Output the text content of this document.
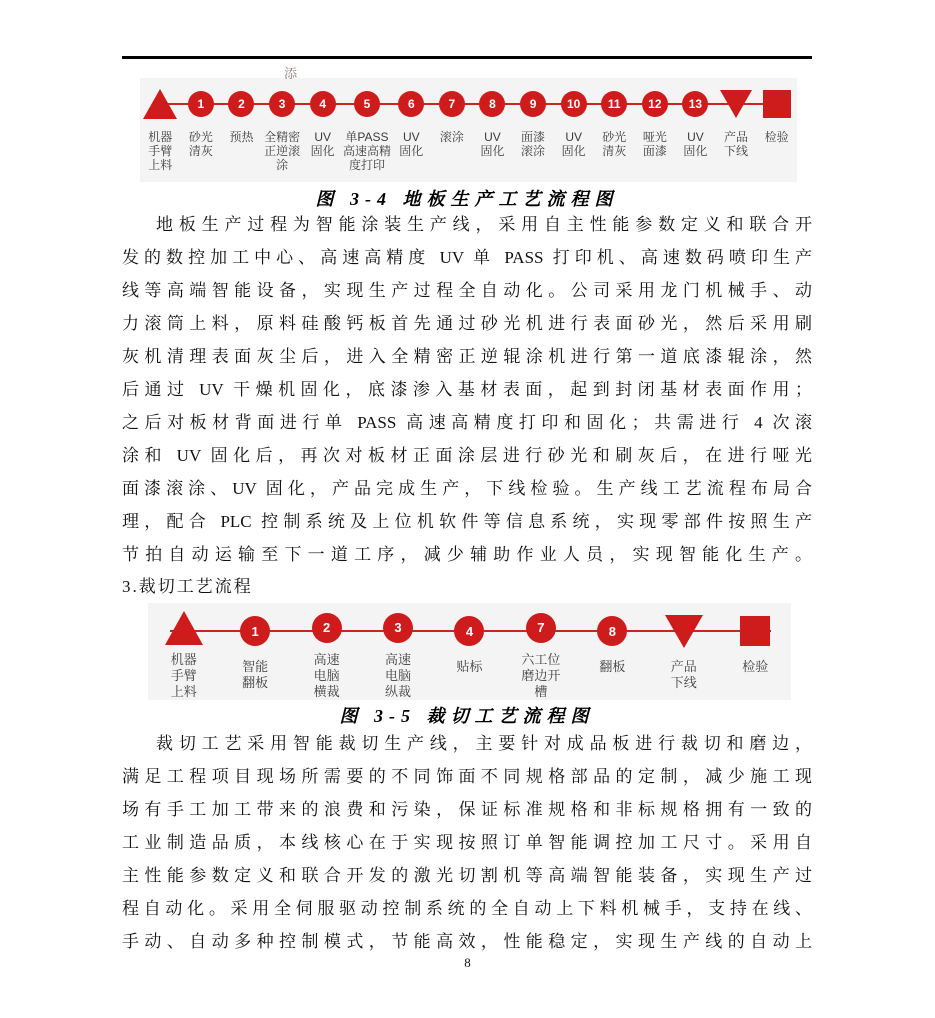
机器
手臂
上料
1
砂光
清灰
2
预热
添
3
全精密
正逆滚
涂
4
UV
固化
5
单PASS
高速高精
度打印
6
UV
固化
7
滚涂
8
UV
固化
9
面漆
滚涂
10
UV
固化
11
砂光
清灰
12
哑光
面漆
13
UV
固化
产品
下线
检验
图 3-4 地板生产工艺流程图
地板生产过程为智能涂装生产线，采用自主性能参数定义和联合开
发的数控加工中心、高速高精度 UV 单 PASS 打印机、高速数码喷印生产
线等高端智能设备，实现生产过程全自动化。公司采用龙门机械手、动
力滚筒上料，原料硅酸钙板首先通过砂光机进行表面砂光，然后采用刷
灰机清理表面灰尘后，进入全精密正逆辊涂机进行第一道底漆辊涂，然
后通过 UV 干燥机固化，底漆渗入基材表面，起到封闭基材表面作用；
之后对板材背面进行单 PASS 高速高精度打印和固化；共需进行 4 次滚
涂和 UV 固化后，再次对板材正面涂层进行砂光和刷灰后，在进行哑光
面漆滚涂、UV 固化，产品完成生产，下线检验。生产线工艺流程布局合
理，配合 PLC 控制系统及上位机软件等信息系统，实现零部件按照生产
节拍自动运输至下一道工序，减少辅助作业人员，实现智能化生产。
3.裁切工艺流程
机器
手臂
上料
1
智能
翻板
2
高速
电脑
横裁
3
高速
电脑
纵裁
4
贴标
7
六工位
磨边开
槽
8
翻板	产品
下线
检验
图 3-5 裁切工艺流程图
裁切工艺采用智能裁切生产线，主要针对成品板进行裁切和磨边，
满足工程项目现场所需要的不同饰面不同规格部品的定制，减少施工现
场有手工加工带来的浪费和污染，保证标准规格和非标规格拥有一致的
工业制造品质，本线核心在于实现按照订单智能调控加工尺寸。采用自
主性能参数定义和联合开发的激光切割机等高端智能装备，实现生产过
程自动化。采用全伺服驱动控制系统的全自动上下料机械手，支持在线、
手动、自动多种控制模式，节能高效，性能稳定，实现生产线的自动上
8
